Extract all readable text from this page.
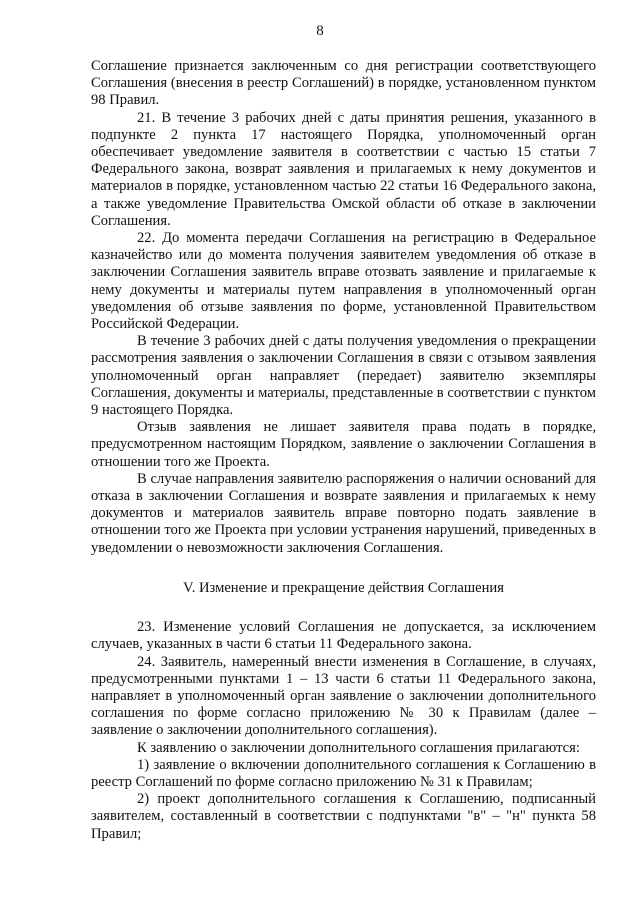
8

Соглашение признается заключенным со дня регистрации соответствующего Соглашения (внесения в реестр Соглашений) в порядке, установленном пунктом 98 Правил.

21. В течение 3 рабочих дней с даты принятия решения, указанного в подпункте 2 пункта 17 настоящего Порядка, уполномоченный орган обеспечивает уведомление заявителя в соответствии с частью 15 статьи 7 Федерального закона, возврат заявления и прилагаемых к нему документов и материалов в порядке, установленном частью 22 статьи 16 Федерального закона, а также уведомление Правительства Омской области об отказе в заключении Соглашения.

22. До момента передачи Соглашения на регистрацию в Федеральное казначейство или до момента получения заявителем уведомления об отказе в заключении Соглашения заявитель вправе отозвать заявление и прилагаемые к нему документы и материалы путем направления в уполномоченный орган уведомления об отзыве заявления по форме, установленной Правительством Российской Федерации.

В течение 3 рабочих дней с даты получения уведомления о прекращении рассмотрения заявления о заключении Соглашения в связи с отзывом заявления уполномоченный орган направляет (передает) заявителю экземпляры Соглашения, документы и материалы, представленные в соответствии с пунктом 9 настоящего Порядка.

Отзыв заявления не лишает заявителя права подать в порядке, предусмотренном настоящим Порядком, заявление о заключении Соглашения в отношении того же Проекта.

В случае направления заявителю распоряжения о наличии оснований для отказа в заключении Соглашения и возврате заявления и прилагаемых к нему документов и материалов заявитель вправе повторно подать заявление в отношении того же Проекта при условии устранения нарушений, приведенных в уведомлении о невозможности заключения Соглашения.

V. Изменение и прекращение действия Соглашения

23. Изменение условий Соглашения не допускается, за исключением случаев, указанных в части 6 статьи 11 Федерального закона.

24. Заявитель, намеренный внести изменения в Соглашение, в случаях, предусмотренными пунктами 1 – 13 части 6 статьи 11 Федерального закона, направляет в уполномоченный орган заявление о заключении дополнительного соглашения по форме согласно приложению № 30 к Правилам (далее – заявление о заключении дополнительного соглашения).

К заявлению о заключении дополнительного соглашения прилагаются:

1) заявление о включении дополнительного соглашения к Соглашению в реестр Соглашений по форме согласно приложению № 31 к Правилам;

2) проект дополнительного соглашения к Соглашению, подписанный заявителем, составленный в соответствии с подпунктами "в" – "н" пункта 58 Правил;
